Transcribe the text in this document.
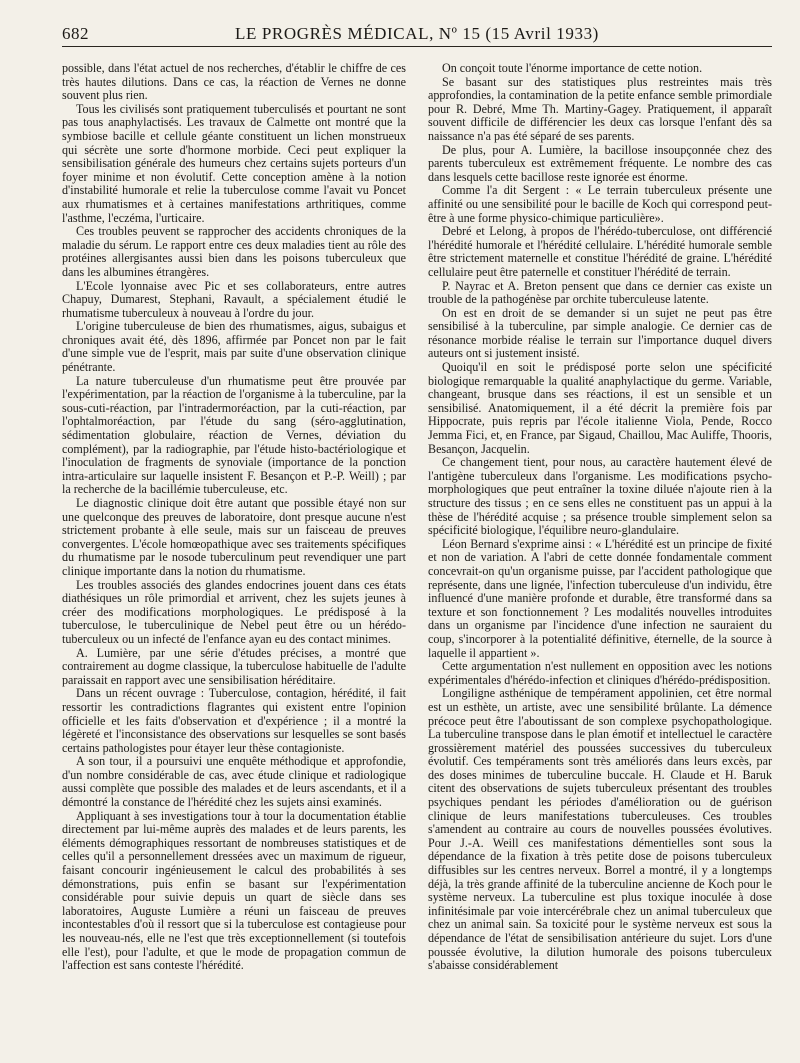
682	LE PROGRÈS MÉDICAL, Nº 15 (15 Avril 1933)

possible, dans l'état actuel de nos recherches, d'établir le chiffre de ces très hautes dilutions. Dans ce cas, la réaction de Vernes ne donne souvent plus rien.

Tous les civilisés sont pratiquement tuberculisés et pourtant ne sont pas tous anaphylactisés. Les travaux de Calmette ont montré que la symbiose bacille et cellule géante constituent un lichen monstrueux qui sécrète une sorte d'hormone morbide. Ceci peut expliquer la sensibilisation générale des humeurs chez certains sujets porteurs d'un foyer minime et non évolutif. Cette conception amène à la notion d'instabilité humorale et relie la tuberculose comme l'avait vu Poncet aux rhumatismes et à certaines manifestations arthritiques, comme l'asthme, l'eczéma, l'urticaire.

Ces troubles peuvent se rapprocher des accidents chroniques de la maladie du sérum. Le rapport entre ces deux maladies tient au rôle des protéines allergisantes aussi bien dans les poisons tuberculeux que dans les albumines étrangères.

L'Ecole lyonnaise avec Pic et ses collaborateurs, entre autres Chapuy, Dumarest, Stephani, Ravault, a spécialement étudié le rhumatisme tuberculeux à nouveau à l'ordre du jour.

L'origine tuberculeuse de bien des rhumatismes, aigus, subaigus et chroniques avait été, dès 1896, affirmée par Poncet non par le fait d'une simple vue de l'esprit, mais par suite d'une observation clinique pénétrante.

La nature tuberculeuse d'un rhumatisme peut être prouvée par l'expérimentation, par la réaction de l'organisme à la tuberculine, par la sous-cuti-réaction, par l'intradermoréaction, par la cuti-réaction, par l'ophtalmoréaction, par l'étude du sang (séro-agglutination, sédimentation globulaire, réaction de Vernes, déviation du complément), par la radiographie, par l'étude histo-bactériologique et l'inoculation de fragments de synoviale (importance de la ponction intra-articulaire sur laquelle insistent F. Besançon et P.-P. Weill) ; par la recherche de la bacillémie tuberculeuse, etc.

Le diagnostic clinique doit être autant que possible étayé non sur une quelconque des preuves de laboratoire, dont presque aucune n'est strictement probante à elle seule, mais sur un faisceau de preuves convergentes. L'école homœopathique avec ses traitements spécifiques du rhumatisme par le nosode tuberculinum peut revendiquer une part clinique importante dans la notion du rhumatisme.

Les troubles associés des glandes endocrines jouent dans ces états diathésiques un rôle primordial et arrivent, chez les sujets jeunes à créer des modifications morphologiques. Le prédisposé à la tuberculose, le tuberculinique de Nebel peut être ou un hérédo-tuberculeux ou un infecté de l'enfance ayan eu des contact minimes.

A. Lumière, par une série d'études précises, a montré que contrairement au dogme classique, la tuberculose habituelle de l'adulte paraissait en rapport avec une sensibilisation héréditaire.

Dans un récent ouvrage : Tuberculose, contagion, hérédité, il fait ressortir les contradictions flagrantes qui existent entre l'opinion officielle et les faits d'observation et d'expérience ; il a montré la légèreté et l'inconsistance des observations sur lesquelles se sont basés certains pathologistes pour étayer leur thèse contagioniste.

A son tour, il a poursuivi une enquête méthodique et approfondie, d'un nombre considérable de cas, avec étude clinique et radiologique aussi complète que possible des malades et de leurs ascendants, et il a démontré la constance de l'hérédité chez les sujets ainsi examinés.

Appliquant à ses investigations tour à tour la documentation établie directement par lui-même auprès des malades et de leurs parents, les éléments démographiques ressortant de nombreuses statistiques et de celles qu'il a personnellement dressées avec un maximum de rigueur, faisant concourir ingénieusement le calcul des probabilités à ses démonstrations, puis enfin se basant sur l'expérimentation considérable pour suivie depuis un quart de siècle dans ses laboratoires, Auguste Lumière a réuni un faisceau de preuves incontestables d'où il ressort que si la tuberculose est contagieuse pour les nouveau-nés, elle ne l'est que très exceptionnellement (si toutefois elle l'est), pour l'adulte, et que le mode de propagation commun de l'affection est sans conteste l'hérédité.

On conçoit toute l'énorme importance de cette notion.

Se basant sur des statistiques plus restreintes mais très approfondies, la contamination de la petite enfance semble primordiale pour R. Debré, Mme Th. Martiny-Gagey. Pratiquement, il apparaît souvent difficile de différencier les deux cas lorsque l'enfant dès sa naissance n'a pas été séparé de ses parents.

De plus, pour A. Lumière, la bacillose insoupçonnée chez des parents tuberculeux est extrêmement fréquente. Le nombre des cas dans lesquels cette bacillose reste ignorée est énorme.

Comme l'a dit Sergent : « Le terrain tuberculeux présente une affinité ou une sensibilité pour le bacille de Koch qui correspond peut-être à une forme physico-chimique particulière».

Debré et Lelong, à propos de l'hérédo-tuberculose, ont différencié l'hérédité humorale et l'hérédité cellulaire. L'hérédité humorale semble être strictement maternelle et constitue l'hérédité de graine. L'hérédité cellulaire peut être paternelle et constituer l'hérédité de terrain.

P. Nayrac et A. Breton pensent que dans ce dernier cas existe un trouble de la pathogénèse par orchite tuberculeuse latente.

On est en droit de se demander si un sujet ne peut pas être sensibilisé à la tuberculine, par simple analogie. Ce dernier cas de résonance morbide réalise le terrain sur l'importance duquel divers auteurs ont si justement insisté.

Quoiqu'il en soit le prédisposé porte selon une spécificité biologique remarquable la qualité anaphylactique du germe. Variable, changeant, brusque dans ses réactions, il est un sensible et un sensibilisé. Anatomiquement, il a été décrit la première fois par Hippocrate, puis repris par l'école italienne Viola, Pende, Rocco Jemma Fici, et, en France, par Sigaud, Chaillou, Mac Auliffe, Thooris, Besançon, Jacquelin.

Ce changement tient, pour nous, au caractère hautement élevé de l'antigène tuberculeux dans l'organisme. Les modifications psycho-morphologiques que peut entraîner la toxine diluée n'ajoute rien à la structure des tissus ; en ce sens elles ne constituent pas un appui à la thèse de l'hérédité acquise ; sa présence trouble simplement selon sa spécificité biologique, l'équilibre neuro-glandulaire.

Léon Bernard s'exprime ainsi : « L'hérédité est un principe de fixité et non de variation. A l'abri de cette donnée fondamentale comment concevrait-on qu'un organisme puisse, par l'accident pathologique que représente, dans une lignée, l'infection tuberculeuse d'un individu, être influencé d'une manière profonde et durable, être transformé dans sa texture et son fonctionnement ? Les modalités nouvelles introduites dans un organisme par l'incidence d'une infection ne sauraient du coup, s'incorporer à la potentialité définitive, éternelle, de la source à laquelle il appartient ».

Cette argumentation n'est nullement en opposition avec les notions expérimentales d'hérédo-infection et cliniques d'hérédo-prédisposition.

Longiligne asthénique de tempérament appolinien, cet être normal est un esthète, un artiste, avec une sensibilité brûlante. La démence précoce peut être l'aboutissant de son complexe psychopathologique. La tuberculine transpose dans le plan émotif et intellectuel le caractère grossièrement matériel des poussées successives du tuberculeux évolutif. Ces tempéraments sont très améliorés dans leurs excès, par des doses minimes de tuberculine buccale. H. Claude et H. Baruk citent des observations de sujets tuberculeux présentant des troubles psychiques pendant les périodes d'amélioration ou de guérison clinique de leurs manifestations tuberculeuses. Ces troubles s'amendent au contraire au cours de nouvelles poussées évolutives. Pour J.-A. Weill ces manifestations démentielles sont sous la dépendance de la fixation à très petite dose de poisons tuberculeux diffusibles sur les centres nerveux. Borrel a montré, il y a longtemps déjà, la très grande affinité de la tuberculine ancienne de Koch pour le système nerveux. La tuberculine est plus toxique inoculée à dose infinitésimale par voie intercérébrale chez un animal tuberculeux que chez un animal sain. Sa toxicité pour le système nerveux est sous la dépendance de l'état de sensibilisation antérieure du sujet. Lors d'une poussée évolutive, la dilution humorale des poisons tuberculeux s'abaisse considérablement
